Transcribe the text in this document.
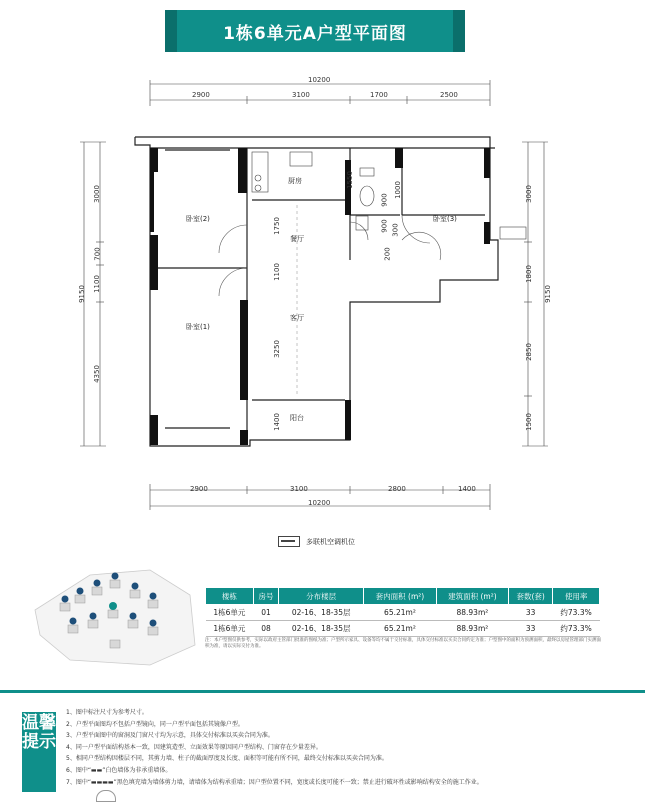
1栋6单元A户型平面图
10200
2900	3100	1700	2500
2900	3100	2800	1400
10200
9150
3000
700
1100
4350
9150
3000
1800
2850
1500
1550
1750
1100
3250
1400
900
900
200
1000
300
厨房
卧室(2)
卧室(1)
卧室(3)
餐厅
客厅
阳台
多联机空调机位
楼栋	房号	分布楼层	套内面积 (m²)	建筑面积 (m²)	套数(套)	使用率
1栋6单元	01	02-16、18-35层	65.21m²	88.93m²	33	约73.3%
1栋6单元	08	02-16、18-35层	65.21m²	88.93m²	33	约73.3%
注：本户型图仅供参考，实际以政府主管部门批准的图纸为准；户型所示家具、设备等均不属于交付标准，具体交付标准以买卖合同约定为准；户型图中的面积为预测面积，最终以房屋管理部门实测面积为准，请以实际交付为准。
温馨提示
1、图中标注尺寸为参考尺寸。
2、户型平面图均不包括户型镜向，同一户型平面包括其镜像户型。
3、户型平面图中的窗洞及门窗尺寸均为示意，具体交付标准以买卖合同为准。
4、同一户型平面结构基本一致，因建筑造型、立面效果等原因同户型结构、门窗存在少量差异。
5、相同户型结构因楼层不同，其剪力墙、柱子的截面厚度及长度、面积等可能有所不同，最终交付标准以买卖合同为准。
6、图中“▬▬”白色墙体为非承重墙体。
7、图中“▬▬▬▬”黑色填充墙为墙体剪力墙，请墙体为结构承重墙；因户型位置不同，宽度或长度可能不一致；禁止进行破坏性或影响结构安全的施工作业。
